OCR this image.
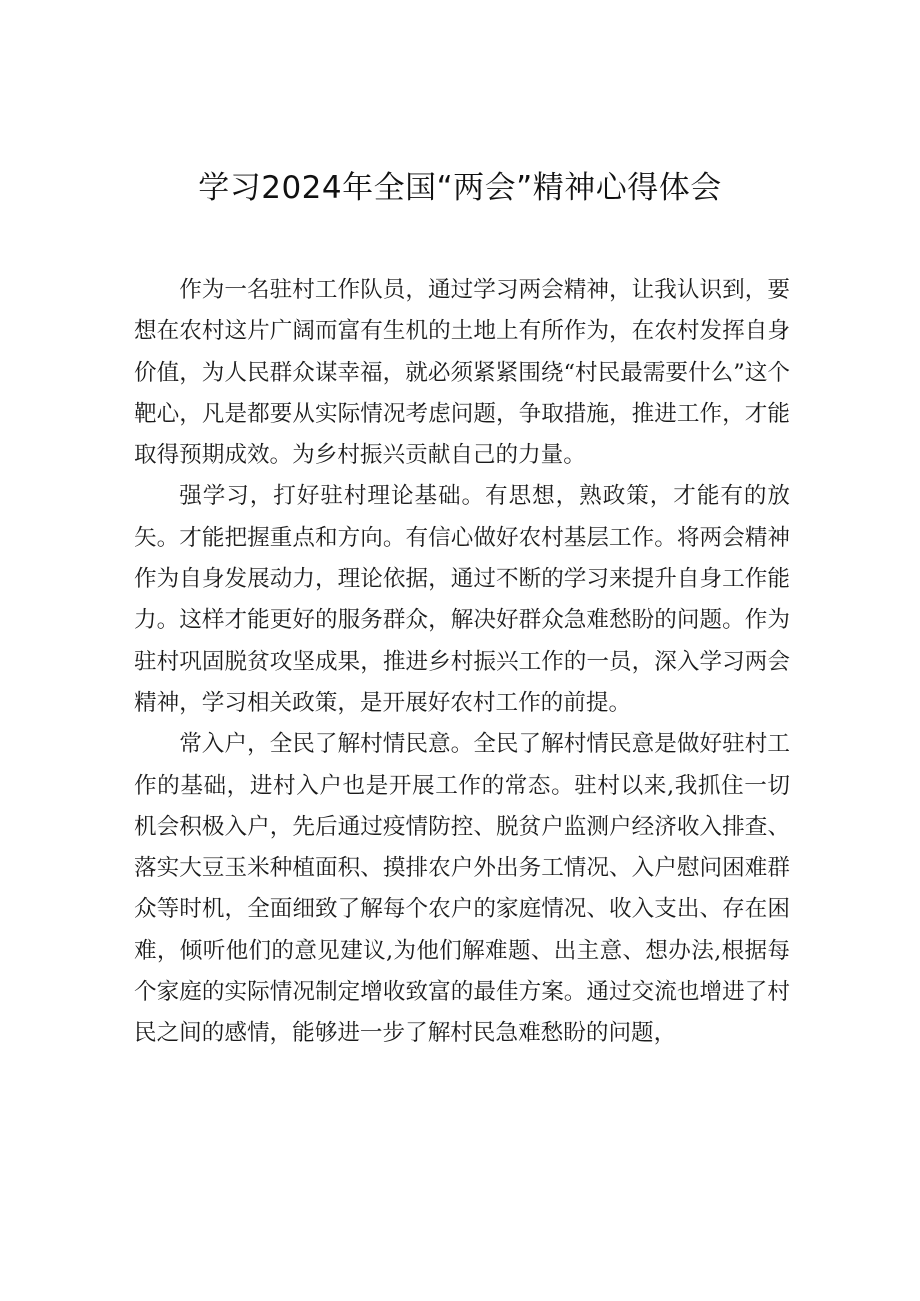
学习2024年全国“两会”精神心得体会

作为一名驻村工作队员，通过学习两会精神，让我认识到，要想在农村这片广阔而富有生机的土地上有所作为，在农村发挥自身价值，为人民群众谋幸福，就必须紧紧围绕“村民最需要什么”这个靶心，凡是都要从实际情况考虑问题，争取措施，推进工作，才能取得预期成效。为乡村振兴贡献自己的力量。

强学习，打好驻村理论基础。有思想，熟政策，才能有的放矢。才能把握重点和方向。有信心做好农村基层工作。将两会精神作为自身发展动力，理论依据，通过不断的学习来提升自身工作能力。这样才能更好的服务群众，解决好群众急难愁盼的问题。作为驻村巩固脱贫攻坚成果，推进乡村振兴工作的一员，深入学习两会精神，学习相关政策，是开展好农村工作的前提。

常入户，全民了解村情民意。全民了解村情民意是做好驻村工作的基础，进村入户也是开展工作的常态。驻村以来,我抓住一切机会积极入户，先后通过疫情防控、脱贫户监测户经济收入排查、落实大豆玉米种植面积、摸排农户外出务工情况、入户慰问困难群众等时机，全面细致了解每个农户的家庭情况、收入支出、存在困难，倾听他们的意见建议,为他们解难题、出主意、想办法,根据每个家庭的实际情况制定增收致富的最佳方案。通过交流也增进了村民之间的感情，能够进一步了解村民急难愁盼的问题，
